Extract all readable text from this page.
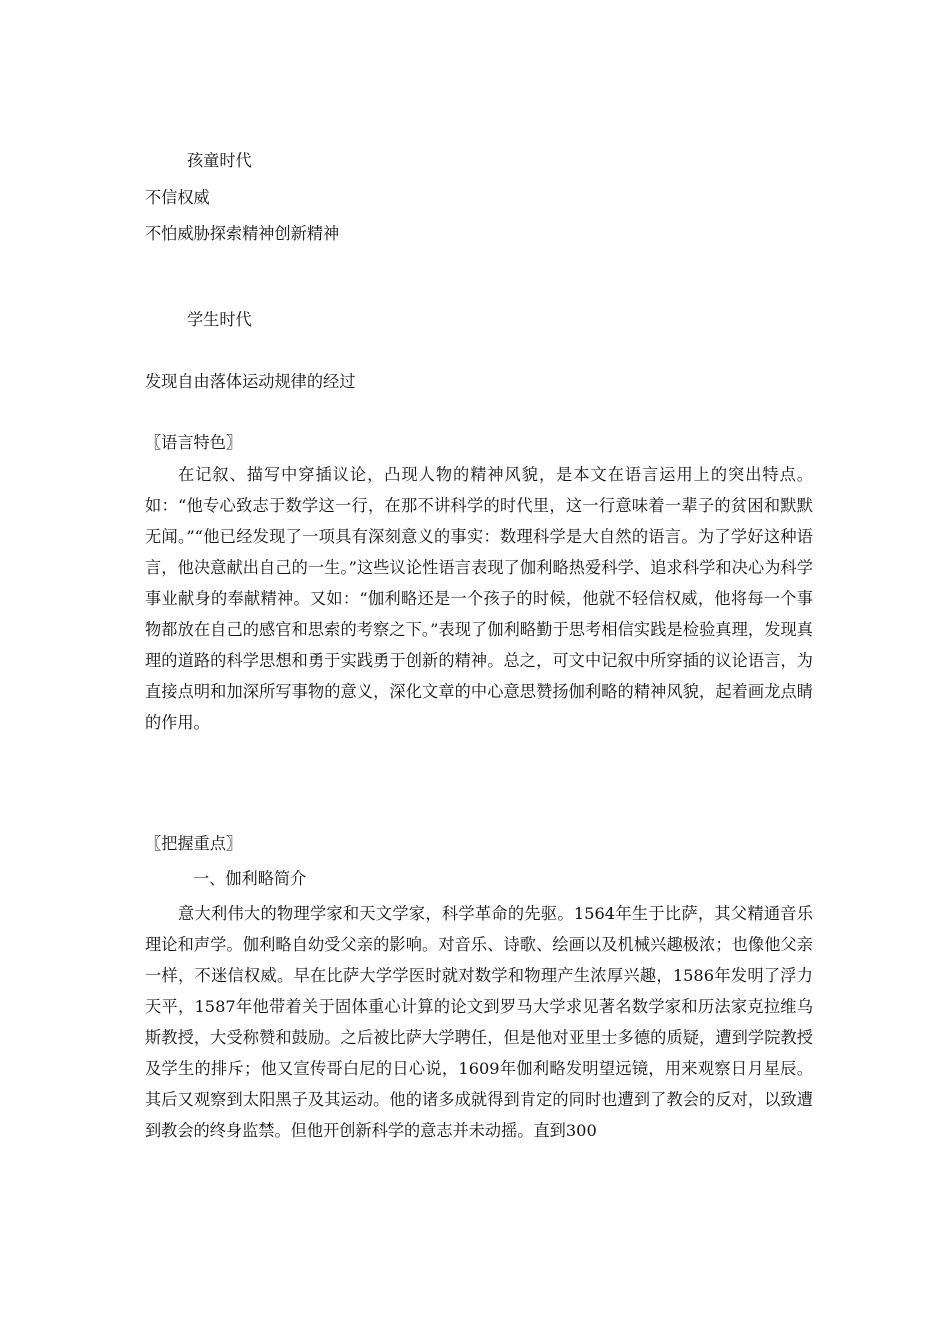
孩童时代
不信权威
不怕威胁探索精神创新精神
学生时代
发现自由落体运动规律的经过
〖语言特色〗
在记叙、描写中穿插议论，凸现人物的精神风貌，是本文在语言运用上的突出特点。如：“他专心致志于数学这一行，在那不讲科学的时代里，这一行意味着一辈子的贫困和默默无闻。”“他已经发现了一项具有深刻意义的事实：数理科学是大自然的语言。为了学好这种语言，他决意献出自己的一生。”这些议论性语言表现了伽利略热爱科学、追求科学和决心为科学事业献身的奉献精神。又如：“伽利略还是一个孩子的时候，他就不轻信权威，他将每一个事物都放在自己的感官和思索的考察之下。”表现了伽利略勤于思考相信实践是检验真理，发现真理的道路的科学思想和勇于实践勇于创新的精神。总之，可文中记叙中所穿插的议论语言，为直接点明和加深所写事物的意义，深化文章的中心意思赞扬伽利略的精神风貌，起着画龙点睛的作用。
〖把握重点〗
一、伽利略简介
意大利伟大的物理学家和天文学家，科学革命的先驱。1564年生于比萨，其父精通音乐理论和声学。伽利略自幼受父亲的影响。对音乐、诗歌、绘画以及机械兴趣极浓；也像他父亲一样，不迷信权威。早在比萨大学学医时就对数学和物理产生浓厚兴趣，1586年发明了浮力天平，1587年他带着关于固体重心计算的论文到罗马大学求见著名数学家和历法家克拉维乌斯教授，大受称赞和鼓励。之后被比萨大学聘任，但是他对亚里士多德的质疑，遭到学院教授及学生的排斥；他又宣传哥白尼的日心说，1609年伽利略发明望远镜，用来观察日月星辰。其后又观察到太阳黑子及其运动。他的诸多成就得到肯定的同时也遭到了教会的反对，以致遭到教会的终身监禁。但他开创新科学的意志并未动摇。直到300
